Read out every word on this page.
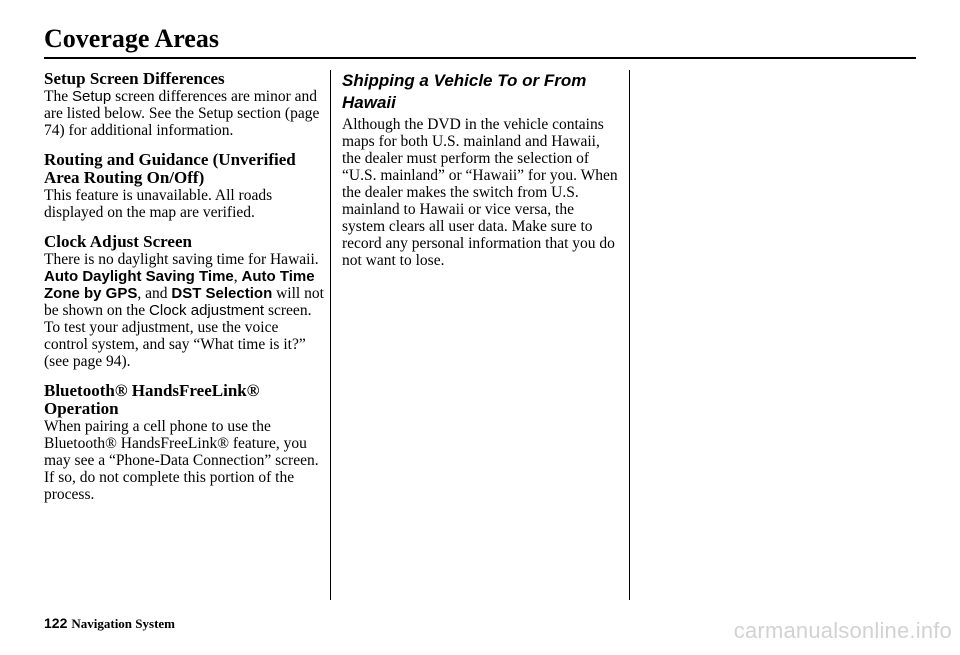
Coverage Areas
Setup Screen Differences

The Setup screen differences are minor and are listed below. See the Setup section (page 74) for additional information.

Routing and Guidance (Unverified Area Routing On/Off)

This feature is unavailable. All roads displayed on the map are verified.

Clock Adjust Screen

There is no daylight saving time for Hawaii. Auto Daylight Saving Time, Auto Time Zone by GPS, and DST Selection will not be shown on the Clock adjustment screen. To test your adjustment, use the voice control system, and say “What time is it?” (see page 94).

Bluetooth® HandsFreeLink® Operation

When pairing a cell phone to use the Bluetooth® HandsFreeLink® feature, you may see a “Phone-Data Connection” screen. If so, do not complete this portion of the process.

Shipping a Vehicle To or From Hawaii

Although the DVD in the vehicle contains maps for both U.S. mainland and Hawaii, the dealer must perform the selection of “U.S. mainland” or “Hawaii” for you. When the dealer makes the switch from U.S. mainland to Hawaii or vice versa, the system clears all user data. Make sure to record any personal information that you do not want to lose.

122 Navigation System	carmanualsonline.info
